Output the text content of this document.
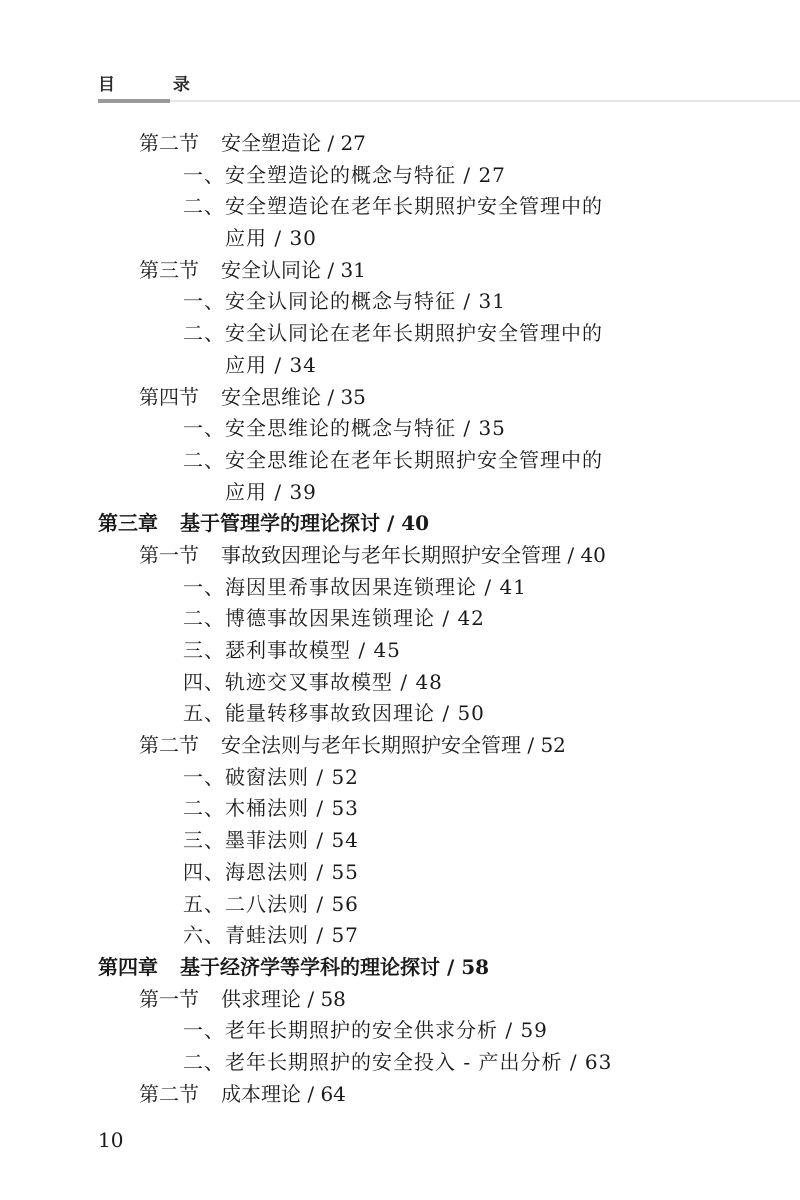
目 录
第二节 安全塑造论 / 27
一、安全塑造论的概念与特征 / 27
二、安全塑造论在老年长期照护安全管理中的
应用 / 30
第三节 安全认同论 / 31
一、安全认同论的概念与特征 / 31
二、安全认同论在老年长期照护安全管理中的
应用 / 34
第四节 安全思维论 / 35
一、安全思维论的概念与特征 / 35
二、安全思维论在老年长期照护安全管理中的
应用 / 39
第三章 基于管理学的理论探讨 / 40
第一节 事故致因理论与老年长期照护安全管理 / 40
一、海因里希事故因果连锁理论 / 41
二、博德事故因果连锁理论 / 42
三、瑟利事故模型 / 45
四、轨迹交叉事故模型 / 48
五、能量转移事故致因理论 / 50
第二节 安全法则与老年长期照护安全管理 / 52
一、破窗法则 / 52
二、木桶法则 / 53
三、墨菲法则 / 54
四、海恩法则 / 55
五、二八法则 / 56
六、青蛙法则 / 57
第四章 基于经济学等学科的理论探讨 / 58
第一节 供求理论 / 58
一、老年长期照护的安全供求分析 / 59
二、老年长期照护的安全投入 - 产出分析 / 63
第二节 成本理论 / 64
10
